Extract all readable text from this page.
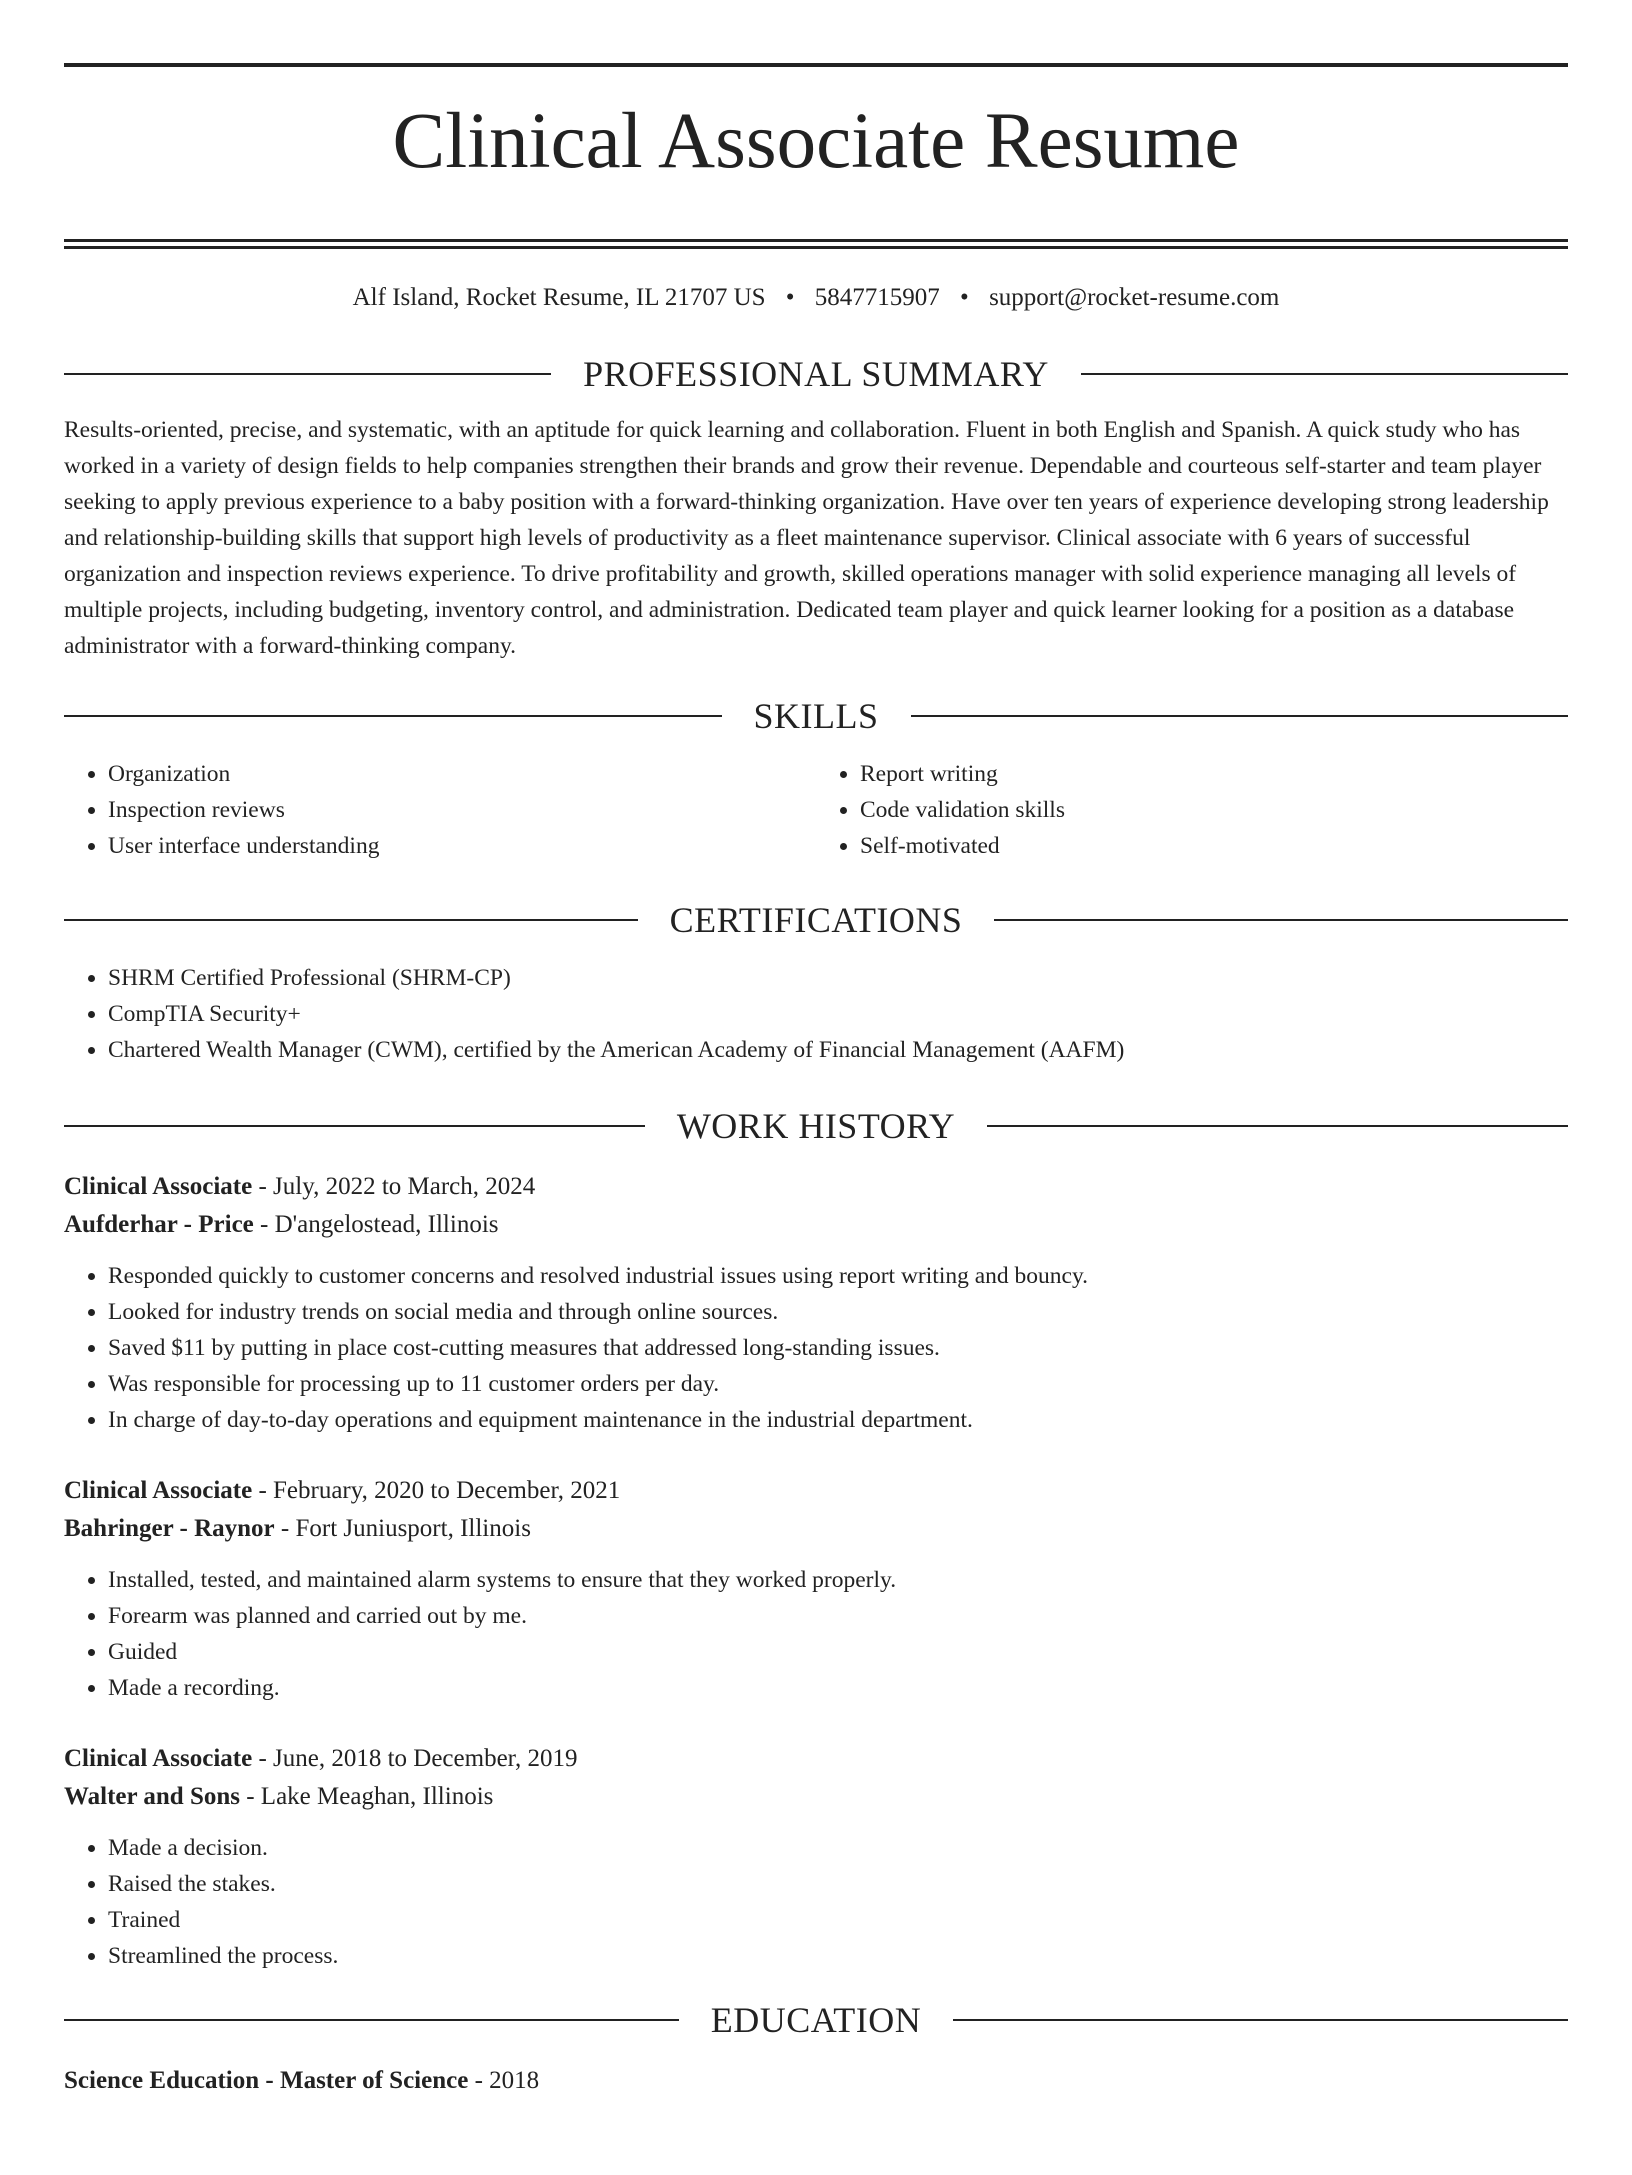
Clinical Associate Resume
Alf Island, Rocket Resume, IL 21707 US • 5847715907 • support@rocket-resume.com
PROFESSIONAL SUMMARY
Results-oriented, precise, and systematic, with an aptitude for quick learning and collaboration. Fluent in both English and Spanish. A quick study who has worked in a variety of design fields to help companies strengthen their brands and grow their revenue. Dependable and courteous self-starter and team player seeking to apply previous experience to a baby position with a forward-thinking organization. Have over ten years of experience developing strong leadership and relationship-building skills that support high levels of productivity as a fleet maintenance supervisor. Clinical associate with 6 years of successful organization and inspection reviews experience. To drive profitability and growth, skilled operations manager with solid experience managing all levels of multiple projects, including budgeting, inventory control, and administration. Dedicated team player and quick learner looking for a position as a database administrator with a forward-thinking company.
SKILLS
• Organization
• Inspection reviews
• User interface understanding
• Report writing
• Code validation skills
• Self-motivated
CERTIFICATIONS
• SHRM Certified Professional (SHRM-CP)
• CompTIA Security+
• Chartered Wealth Manager (CWM), certified by the American Academy of Financial Management (AAFM)
WORK HISTORY
Clinical Associate - July, 2022 to March, 2024
Aufderhar - Price - D'angelostead, Illinois
• Responded quickly to customer concerns and resolved industrial issues using report writing and bouncy.
• Looked for industry trends on social media and through online sources.
• Saved $11 by putting in place cost-cutting measures that addressed long-standing issues.
• Was responsible for processing up to 11 customer orders per day.
• In charge of day-to-day operations and equipment maintenance in the industrial department.
Clinical Associate - February, 2020 to December, 2021
Bahringer - Raynor - Fort Juniusport, Illinois
• Installed, tested, and maintained alarm systems to ensure that they worked properly.
• Forearm was planned and carried out by me.
• Guided
• Made a recording.
Clinical Associate - June, 2018 to December, 2019
Walter and Sons - Lake Meaghan, Illinois
• Made a decision.
• Raised the stakes.
• Trained
• Streamlined the process.
EDUCATION
Science Education - Master of Science - 2018
